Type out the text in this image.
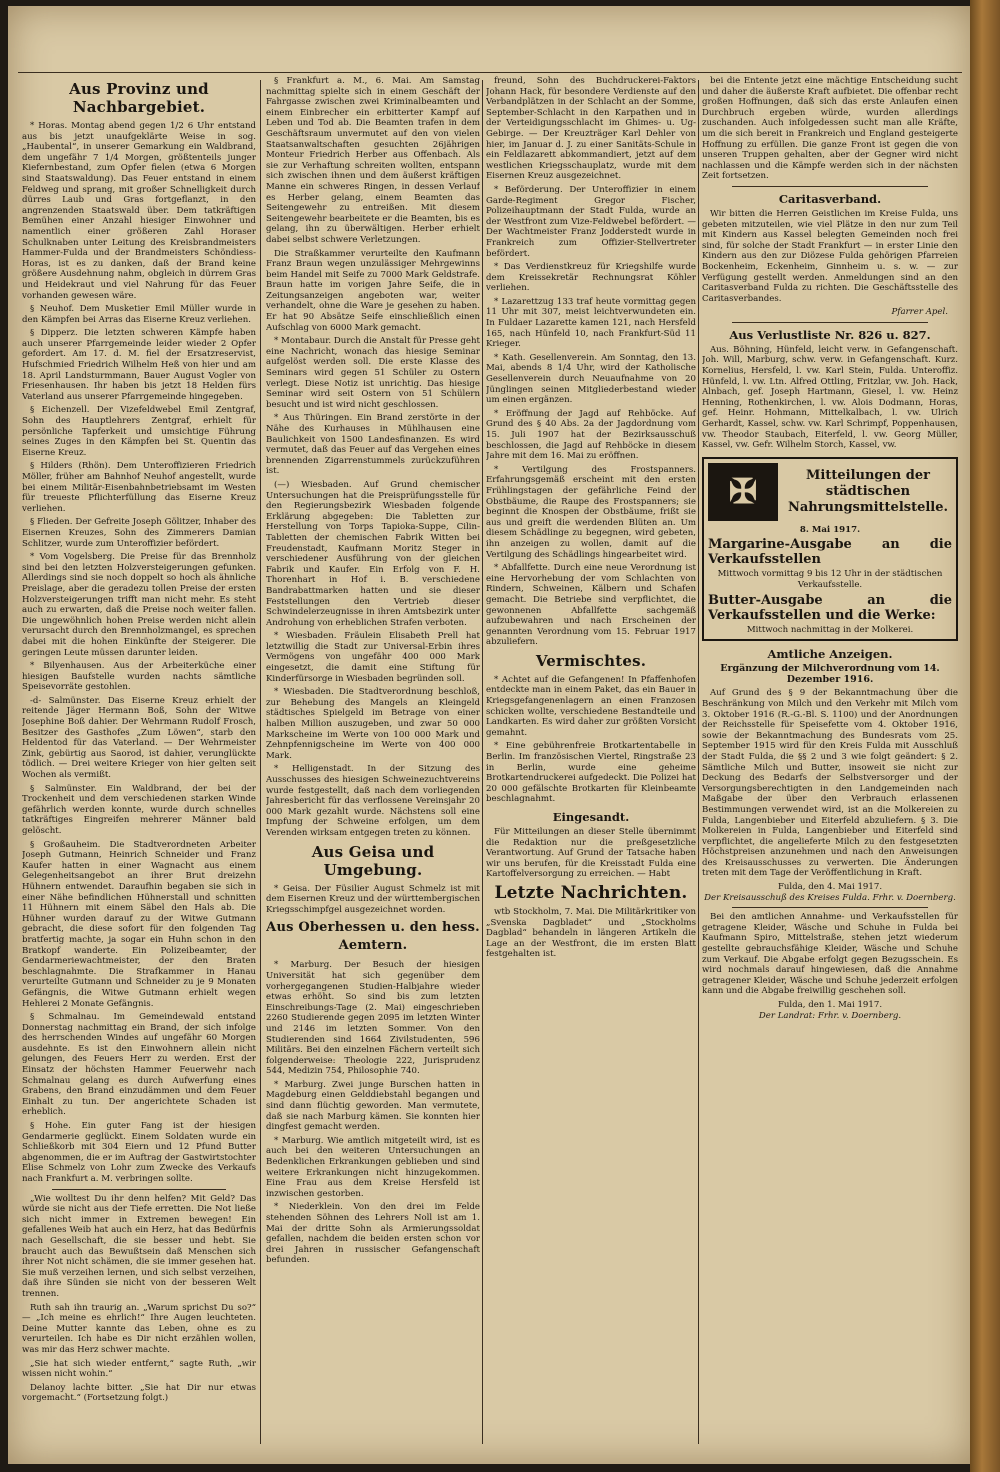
Aus Provinz und Nachbargebiet.

* Horas. Montag abend gegen 1/2 6 Uhr entstand aus bis jetzt unaufgeklärte Weise in sog. „Haubental“, in unserer Gemarkung ein Waldbrand, dem ungefähr 7 1/4 Morgen, größtenteils junger Kiefernbestand, zum Opfer fielen (etwa 6 Morgen sind Staatswaldung). Das Feuer entstand in einem Feldweg und sprang, mit großer Schnelligkeit durch dürres Laub und Gras fortgeflanzt, in den angrenzenden Staatswald über. Dem tatkräftigen Bemühen einer Anzahl hiesiger Einwohner und namentlich einer größeren Zahl Horaser Schulknaben unter Leitung des Kreisbrandmeisters Hammer-Fulda und der Brandmeisters Schöndiess-Horas, ist es zu danken, daß der Brand keine größere Ausdehnung nahm, obgleich in dürrem Gras und Heidekraut und viel Nahrung für das Feuer vorhanden gewesen wäre.

§ Neuhof. Dem Musketier Emil Müller wurde in den Kämpfen bei Arras das Eiserne Kreuz verliehen.

§ Dipperz. Die letzten schweren Kämpfe haben auch unserer Pfarrgemeinde leider wieder 2 Opfer gefordert. Am 17. d. M. fiel der Ersatzreservist, Hufschmied Friedrich Wilhelm Heß von hier und am 18. April Landsturmmann, Bauer August Vogler von Friesenhausen. Ihr haben bis jetzt 18 Helden fürs Vaterland aus unserer Pfarrgemeinde hingegeben.

§ Eichenzell. Der Vizefeldwebel Emil Zentgraf, Sohn des Hauptlehrers Zentgraf, erhielt für persönliche Tapferkeit und umsichtige Führung seines Zuges in den Kämpfen bei St. Quentin das Eiserne Kreuz.

§ Hilders (Rhön). Dem Unteroffizieren Friedrich Möller, früher am Bahnhof Neuhof angestellt, wurde bei einem Militär-Eisenbahnbetriebsamt im Westen für treueste Pflichterfüllung das Eiserne Kreuz verliehen.

§ Flieden. Der Gefreite Joseph Gölitzer, Inhaber des Eisernen Kreuzes, Sohn des Zimmerers Damian Schlitzer, wurde zum Unteroffizier befördert.

* Vom Vogelsberg. Die Preise für das Brennholz sind bei den letzten Holzversteigerungen gefunken. Allerdings sind sie noch doppelt so hoch als ähnliche Preislage, aber die geradezu tollen Preise der ersten Holzversteigerungen trifft man nicht mehr. Es steht auch zu erwarten, daß die Preise noch weiter fallen. Die ungewöhnlich hohen Preise werden nicht allein verursacht durch den Brennholzmangel, es sprechen dabei mit die hohen Einkünfte der Steigerer. Die geringen Leute müssen darunter leiden.

* Bilyenhausen. Aus der Arbeiterküche einer hiesigen Baufstelle wurden nachts sämtliche Speisevorräte gestohlen.

-d- Salmünster. Das Eiserne Kreuz erhielt der reitende Jäger Hermann Boß, Sohn der Witwe Josephine Boß dahier. Der Wehrmann Rudolf Frosch, Besitzer des Gasthofes „Zum Löwen“, starb den Heldentod für das Vaterland. — Der Wehrmeister Zink, gebürtig aus Saorod, ist dahier, verunglückte tödlich. — Drei weitere Krieger von hier gelten seit Wochen als vermißt.

§ Salmünster. Ein Waldbrand, der bei der Trockenheit und dem verschiedenen starken Winde gefährlich werden konnte, wurde durch schnelles tatkräftiges Eingreifen mehrerer Männer bald gelöscht.

§ Großauheim. Die Stadtverordneten Arbeiter Joseph Gutmann, Heinrich Schneider und Franz Kaufer hatten in einer Wagnacht aus einem Gelegenheitsangebot an ihrer Brut dreizehn Hühnern entwendet. Daraufhin begaben sie sich in einer Nähe befindlichen Hühnerstall und schnitten 11 Hühnern mit einem Säbel den Hals ab. Die Hühner wurden darauf zu der Witwe Gutmann gebracht, die diese sofort für den folgenden Tag bratfertig machte, ja sogar ein Huhn schon in den Bratkopf wanderte. Ein Polizeibeamter, der Gendarmeriewachtmeister, der den Braten beschlagnahmte. Die Strafkammer in Hanau verurteilte Gutmann und Schneider zu je 9 Monaten Gefängnis, die Witwe Gutmann erhielt wegen Hehlerei 2 Monate Gefängnis.

§ Schmalnau. Im Gemeindewald entstand Donnerstag nachmittag ein Brand, der sich infolge des herrschenden Windes auf ungefähr 60 Morgen ausdehnte. Es ist den Einwohnern allein nicht gelungen, des Feuers Herr zu werden. Erst der Einsatz der höchsten Hammer Feuerwehr nach Schmalnau gelang es durch Aufwerfung eines Grabens, den Brand einzudämmen und dem Feuer Einhalt zu tun. Der angerichtete Schaden ist erheblich.

§ Hohe. Ein guter Fang ist der hiesigen Gendarmerie geglückt. Einem Soldaten wurde ein Schließkorb mit 304 Eiern und 12 Pfund Butter abgenommen, die er im Auftrag der Gastwirtstochter Elise Schmelz von Lohr zum Zwecke des Verkaufs nach Frankfurt a. M. verbringen sollte.

„Wie wolltest Du ihr denn helfen? Mit Geld? Das würde sie nicht aus der Tiefe erretten. Die Not ließe sich nicht immer in Extremen bewegen! Ein gefallenes Weib hat auch ein Herz, hat das Bedürfnis nach Gesellschaft, die sie besser und hebt. Sie braucht auch das Bewußtsein daß Menschen sich ihrer Not nicht schämen, die sie immer gesehen hat. Sie muß verzeihen lernen, und sich selbst verzeihen, daß ihre Sünden sie nicht von der besseren Welt trennen.

Ruth sah ihn traurig an. „Warum sprichst Du so?“ — „Ich meine es ehrlich!“ Ihre Augen leuchteten. Deine Mutter kannte das Leben, ohne es zu verurteilen. Ich habe es Dir nicht erzählen wollen, was mir das Herz schwer machte.

„Sie hat sich wieder entfernt,“ sagte Ruth, „wir wissen nicht wohin.“

Delanoy lachte bitter. „Sie hat Dir nur etwas vorgemacht.“ (Fortsetzung folgt.)

§ Frankfurt a. M., 6. Mai. Am Samstag nachmittag spielte sich in einem Geschäft der Fahrgasse zwischen zwei Kriminalbeamten und einem Einbrecher ein erbitterter Kampf auf Leben und Tod ab. Die Beamten trafen in dem Geschäftsraum unvermutet auf den von vielen Staatsanwaltschaften gesuchten 26jährigen Monteur Friedrich Herber aus Offenbach. Als sie zur Verhaftung schreiten wollten, entspann sich zwischen ihnen und dem äußerst kräftigen Manne ein schweres Ringen, in dessen Verlauf es Herber gelang, einem Beamten das Seitengewehr zu entreißen. Mit diesem Seitengewehr bearbeitete er die Beamten, bis es gelang, ihn zu überwältigen. Herber erhielt dabei selbst schwere Verletzungen.

Die Straßkammer verurteilte den Kaufmann Franz Braun wegen unzulässiger Mehrgewinns beim Handel mit Seife zu 7000 Mark Geldstrafe. Braun hatte im vorigen Jahre Seife, die in Zeitungsanzeigen angeboten war, weiter verhandelt, ohne die Ware je gesehen zu haben. Er hat 90 Absätze Seife einschließlich einen Aufschlag von 6000 Mark gemacht.

* Montabaur. Durch die Anstalt für Presse geht eine Nachricht, wonach das hiesige Seminar aufgelöst werden soll. Die erste Klasse des Seminars wird gegen 51 Schüler zu Ostern verlegt. Diese Notiz ist unrichtig. Das hiesige Seminar wird seit Ostern von 51 Schülern besucht und ist wird nicht geschlossen.

* Aus Thüringen. Ein Brand zerstörte in der Nähe des Kurhauses in Mühlhausen eine Baulichkeit von 1500 Landesfinanzen. Es wird vermutet, daß das Feuer auf das Vergehen eines brennenden Zigarrenstummels zurückzuführen ist.

(—) Wiesbaden. Auf Grund chemischer Untersuchungen hat die Preisprüfungsstelle für den Regierungsbezirk Wiesbaden folgende Erklärung abgegeben: Die Tabletten zur Herstellung von Torps Tapioka-Suppe, Cilin-Tabletten der chemischen Fabrik Witten bei Freudenstadt, Kaufmann Moritz Steger in verschiedener Ausführung von der gleichen Fabrik und Kaufer. Ein Erfolg von F. H. Thorenhart in Hof i. B. verschiedene Bandrabattmarken hatten und sie dieser Feststellungen den Vertrieb dieser Schwindelerzeugnisse in ihren Amtsbezirk unter Androhung von erheblichen Strafen verboten.

* Wiesbaden. Fräulein Elisabeth Prell hat letztwillig die Stadt zur Universal-Erbin ihres Vermögens von ungefähr 400 000 Mark eingesetzt, die damit eine Stiftung für Kinderfürsorge in Wiesbaden begründen soll.

* Wiesbaden. Die Stadtverordnung beschloß, zur Behebung des Mangels an Kleingeld städtisches Spielgeld im Betrage von einer halben Million auszugeben, und zwar 50 000 Markscheine im Werte von 100 000 Mark und Zehnpfennigscheine im Werte von 400 000 Mark.

* Helligenstadt. In der Sitzung des Ausschusses des hiesigen Schweinezuchtvereins wurde festgestellt, daß nach dem vorliegenden Jahresbericht für das verflossene Vereinsjahr 20 000 Mark gezahlt wurde. Nächstens soll eine Impfung der Schweine erfolgen, um dem Verenden wirksam entgegen treten zu können.

Aus Geisa und Umgebung.

* Geisa. Der Füsilier August Schmelz ist mit dem Eisernen Kreuz und der württembergischen Kriegsschimpfgel ausgezeichnet worden.

Aus Oberhessen u. den hess. Aemtern.

* Marburg. Der Besuch der hiesigen Universität hat sich gegenüber dem vorhergegangenen Studien-Halbjahre wieder etwas erhöht. So sind bis zum letzten Einschreibungs-Tage (2. Mai) eingeschrieben 2260 Studierende gegen 2095 im letzten Winter und 2146 im letzten Sommer. Von den Studierenden sind 1664 Zivilstudenten, 596 Militärs. Bei den einzelnen Fächern verteilt sich folgenderweise: Theologie 222, Jurisprudenz 544, Medizin 754, Philosophie 740.

* Marburg. Zwei junge Burschen hatten in Magdeburg einen Gelddiebstahl begangen und sind dann flüchtig geworden. Man vermutete, daß sie nach Marburg kämen. Sie konnten hier dingfest gemacht werden.

* Marburg. Wie amtlich mitgeteilt wird, ist es auch bei den weiteren Untersuchungen an Bedenklichen Erkrankungen geblieben und sind weitere Erkrankungen nicht hinzugekommen. Eine Frau aus dem Kreise Hersfeld ist inzwischen gestorben.

* Niederklein. Von den drei im Felde stehenden Söhnen des Lehrers Noll ist am 1. Mai der dritte Sohn als Armierungssoldat gefallen, nachdem die beiden ersten schon vor drei Jahren in russischer Gefangenschaft befunden.

freund, Sohn des Buchdruckerei-Faktors Johann Hack, für besondere Verdienste auf den Verbandplätzen in der Schlacht an der Somme, September-Schlacht in den Karpathen und in der Verteidigungsschlacht im Ghimes- u. Ug-Gebirge. — Der Kreuzträger Karl Dehler von hier, im Januar d. J. zu einer Sanitäts-Schule in ein Feldlazarett abkommandiert, jetzt auf dem westlichen Kriegsschauplatz, wurde mit dem Eisernen Kreuz ausgezeichnet.

* Beförderung. Der Unteroffizier in einem Garde-Regiment Gregor Fischer, Polizeihauptmann der Stadt Fulda, wurde an der Westfront zum Vize-Feldwebel befördert. — Der Wachtmeister Franz Jodderstedt wurde in Frankreich zum Offizier-Stellvertreter befördert.

* Das Verdienstkreuz für Kriegshilfe wurde dem Kreissekretär Rechnungsrat Köhler verliehen.

* Lazarettzug 133 traf heute vormittag gegen 11 Uhr mit 307, meist leichtverwundeten ein. In Fuldaer Lazarette kamen 121, nach Hersfeld 165, nach Hünfeld 10, nach Frankfurt-Süd 11 Krieger.

* Kath. Gesellenverein. Am Sonntag, den 13. Mai, abends 8 1/4 Uhr, wird der Katholische Gesellenverein durch Neuaufnahme von 20 Jünglingen seinen Mitgliederbestand wieder um einen ergänzen.

* Eröffnung der Jagd auf Rehböcke. Auf Grund des § 40 Abs. 2a der Jagdordnung vom 15. Juli 1907 hat der Bezirksausschuß beschlossen, die Jagd auf Rehböcke in diesem Jahre mit dem 16. Mai zu eröffnen.

* Vertilgung des Frostspanners. Erfahrungsgemäß erscheint mit den ersten Frühlingstagen der gefährliche Feind der Obstbäume, die Raupe des Frostspanners; sie beginnt die Knospen der Obstbäume, frißt sie aus und greift die werdenden Blüten an. Um diesem Schädlinge zu begegnen, wird gebeten, ihn anzeigen zu wollen, damit auf die Vertilgung des Schädlings hingearbeitet wird.

* Abfallfette. Durch eine neue Verordnung ist eine Hervorhebung der vom Schlachten von Rindern, Schweinen, Kälbern und Schafen gemacht. Die Betriebe sind verpflichtet, die gewonnenen Abfallfette sachgemäß aufzubewahren und nach Erscheinen der genannten Verordnung vom 15. Februar 1917 abzuliefern.

Vermischtes.

* Achtet auf die Gefangenen! In Pfaffenhofen entdeckte man in einem Paket, das ein Bauer in Kriegsgefangenenlagern an einen Franzosen schicken wollte, verschiedene Bestandteile und Landkarten. Es wird daher zur größten Vorsicht gemahnt.

* Eine gebührenfreie Brotkartentabelle in Berlin. Im französischen Viertel, Ringstraße 23 in Berlin, wurde eine geheime Brotkartendruckerei aufgedeckt. Die Polizei hat 20 000 gefälschte Brotkarten für Kleinbeamte beschlagnahmt.

Eingesandt.

Für Mitteilungen an dieser Stelle übernimmt die Redaktion nur die preßgesetzliche Verantwortung. Auf Grund der Tatsache haben wir uns berufen, für die Kreisstadt Fulda eine Kartoffelversorgung zu erreichen. — Habt

Letzte Nachrichten.

wtb Stockholm, 7. Mai. Die Militärkritiker von „Svenska Dagbladet“ und „Stockholms Dagblad“ behandeln in längeren Artikeln die Lage an der Westfront, die im ersten Blatt festgehalten ist.

bei die Entente jetzt eine mächtige Entscheidung sucht und daher die äußerste Kraft aufbietet. Die offenbar recht großen Hoffnungen, daß sich das erste Anlaufen einen Durchbruch ergeben würde, wurden allerdings zuschanden. Auch infolgedessen sucht man alle Kräfte, um die sich bereit in Frankreich und England gesteigerte Hoffnung zu erfüllen. Die ganze Front ist gegen die von unseren Truppen gehalten, aber der Gegner wird nicht nachlassen und die Kämpfe werden sich in der nächsten Zeit fortsetzen.

Caritasverband.

Wir bitten die Herren Geistlichen im Kreise Fulda, uns gebeten mitzuteilen, wie viel Plätze in den nur zum Teil mit Kindern aus Kassel belegten Gemeinden noch frei sind, für solche der Stadt Frankfurt — in erster Linie den Kindern aus den zur Diözese Fulda gehörigen Pfarreien Bockenheim, Eckenheim, Ginnheim u. s. w. — zur Verfügung gestellt werden. Anmeldungen sind an den Caritasverband Fulda zu richten. Die Geschäftsstelle des Caritasverbandes.

Pfarrer Apel.
Aus Verlustliste Nr. 826 u. 827.

Aus. Böhning, Hünfeld, leicht verw. in Gefangenschaft. Joh. Will, Marburg, schw. verw. in Gefangenschaft. Kurz. Kornelius, Hersfeld, l. vw. Karl Stein, Fulda. Unteroffiz. Hünfeld, l. vw. Ltn. Alfred Ottling, Fritzlar, vw. Joh. Hack, Alnbach, gef. Joseph Hartmann, Giesel, l. vw. Heinz Henning, Rothenkirchen, l. vw. Alois Dodmann, Horas, gef. Heinr. Hohmann, Mittelkalbach, l. vw. Ulrich Gerhardt, Kassel, schw. vw. Karl Schrimpf, Poppenhausen, vw. Theodor Staubach, Eiterfeld, l. vw. Georg Müller, Kassel, vw. Gefr. Wilhelm Storch, Kassel, vw.

✠	Mitteilungen der städtischen Nahrungsmittelstelle.
8. Mai 1917.
Margarine-Ausgabe an die Verkaufsstellen
Mittwoch vormittag 9 bis 12 Uhr in der städtischen Verkaufsstelle.
Butter-Ausgabe an die Verkaufsstellen und die Werke:
Mittwoch nachmittag in der Molkerei.
Amtliche Anzeigen.
Ergänzung der Milchverordnung vom 14. Dezember 1916.

Auf Grund des § 9 der Bekanntmachung über die Beschränkung von Milch und den Verkehr mit Milch vom 3. Oktober 1916 (R.-G.-Bl. S. 1100) und der Anordnungen der Reichsstelle für Speisefette vom 4. Oktober 1916, sowie der Bekanntmachung des Bundesrats vom 25. September 1915 wird für den Kreis Fulda mit Ausschluß der Stadt Fulda, die §§ 2 und 3 wie folgt geändert: § 2. Sämtliche Milch und Butter, insoweit sie nicht zur Deckung des Bedarfs der Selbstversorger und der Versorgungsberechtigten in den Landgemeinden nach Maßgabe der über den Verbrauch erlassenen Bestimmungen verwendet wird, ist an die Molkereien zu Fulda, Langenbieber und Eiterfeld abzuliefern. § 3. Die Molkereien in Fulda, Langenbieber und Eiterfeld sind verpflichtet, die angelieferte Milch zu den festgesetzten Höchstpreisen anzunehmen und nach den Anweisungen des Kreisausschusses zu verwerten. Die Änderungen treten mit dem Tage der Veröffentlichung in Kraft.

Fulda, den 4. Mai 1917.
Der Kreisausschuß des Kreises Fulda. Frhr. v. Doernberg.

Bei den amtlichen Annahme- und Verkaufsstellen für getragene Kleider, Wäsche und Schuhe in Fulda bei Kaufmann Spiro, Mittelstraße, stehen jetzt wiederum gestellte gebrauchsfähige Kleider, Wäsche und Schuhe zum Verkauf. Die Abgabe erfolgt gegen Bezugsschein. Es wird nochmals darauf hingewiesen, daß die Annahme getragener Kleider, Wäsche und Schuhe jederzeit erfolgen kann und die Abgabe freiwillig geschehen soll.

Fulda, den 1. Mai 1917.
Der Landrat: Frhr. v. Doernberg.
